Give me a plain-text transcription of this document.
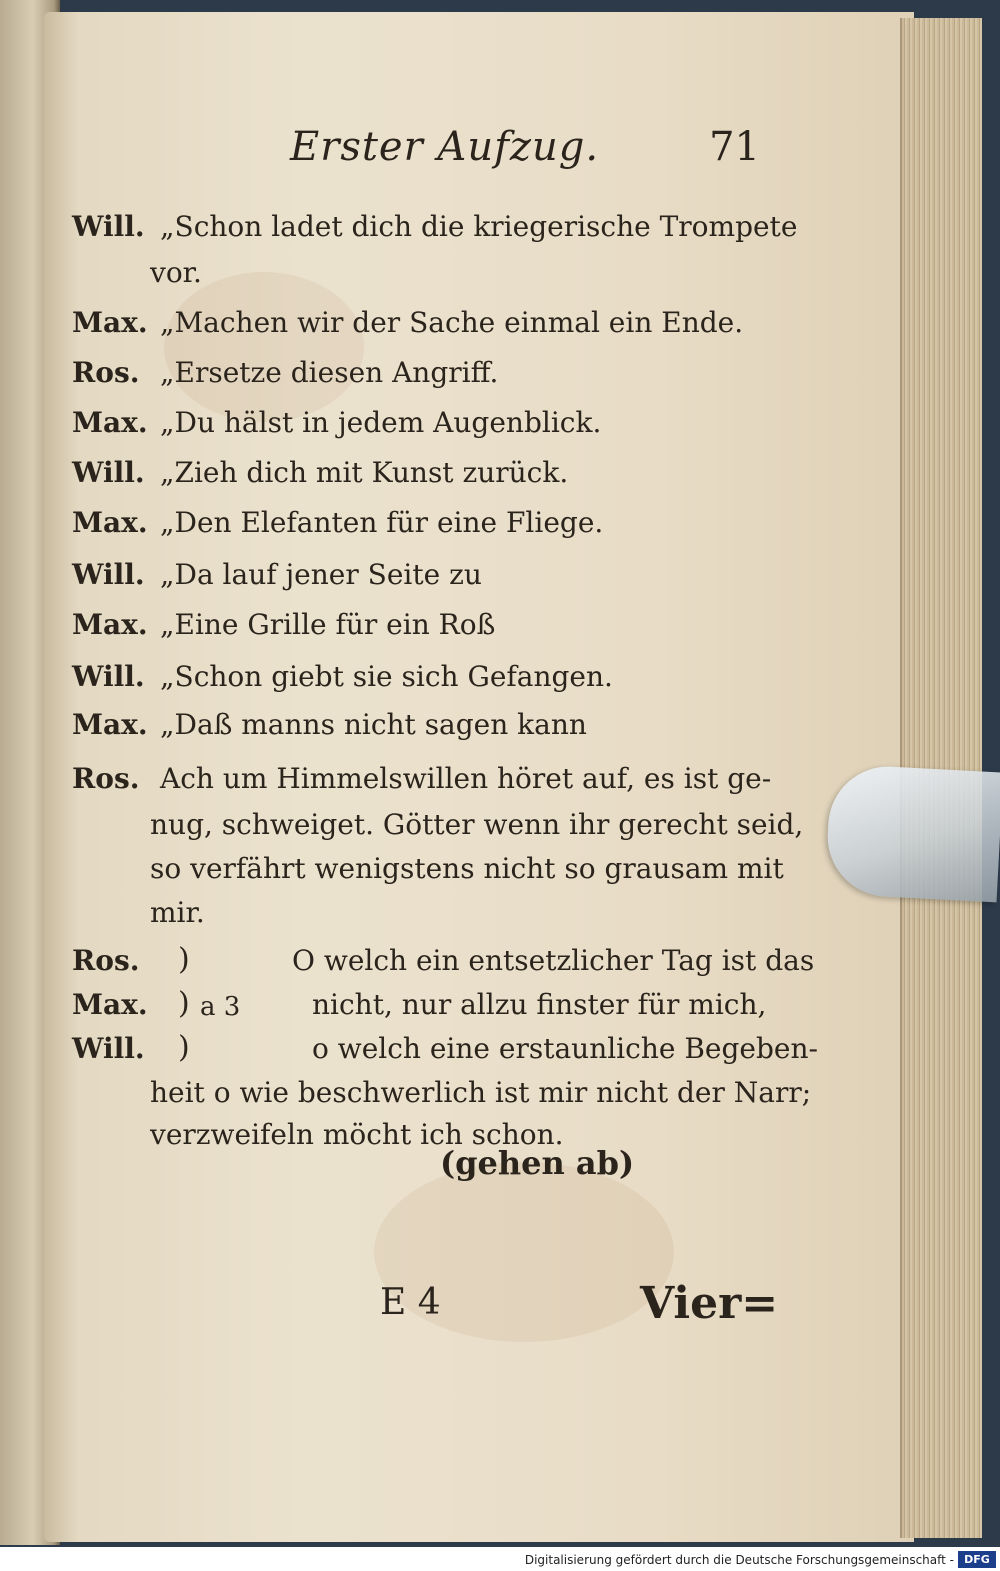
Erster Aufzug.	71
Will. „Schon ladet dich die kriegerische Trompete
vor.
Max. „Machen wir der Sache einmal ein Ende.
Ros. „Ersetze diesen Angriff.
Max. „Du hälst in jedem Augenblick.
Will. „Zieh dich mit Kunst zurück.
Max. „Den Elefanten für eine Fliege.
Will. „Da lauf jener Seite zu
Max. „Eine Grille für ein Roß
Will. „Schon giebt sie sich Gefangen.
Max. „Daß manns nicht sagen kann
Ros. Ach um Himmelswillen höret auf, es ist ge-
nug, schweiget. Götter wenn ihr gerecht seid,
so verfährt wenigstens nicht so grausam mit
mir.
Ros.
Max.
Will.
)
)
)
a 3
O welch ein entsetzlicher Tag ist das
nicht, nur allzu finster für mich,
o welch eine erstaunliche Begeben-
heit o wie beschwerlich ist mir nicht der Narr;
verzweifeln möcht ich schon.
(gehen ab)
E 4	Vier=
Digitalisierung gefördert durch die Deutsche Forschungsgemeinschaft - DFG
